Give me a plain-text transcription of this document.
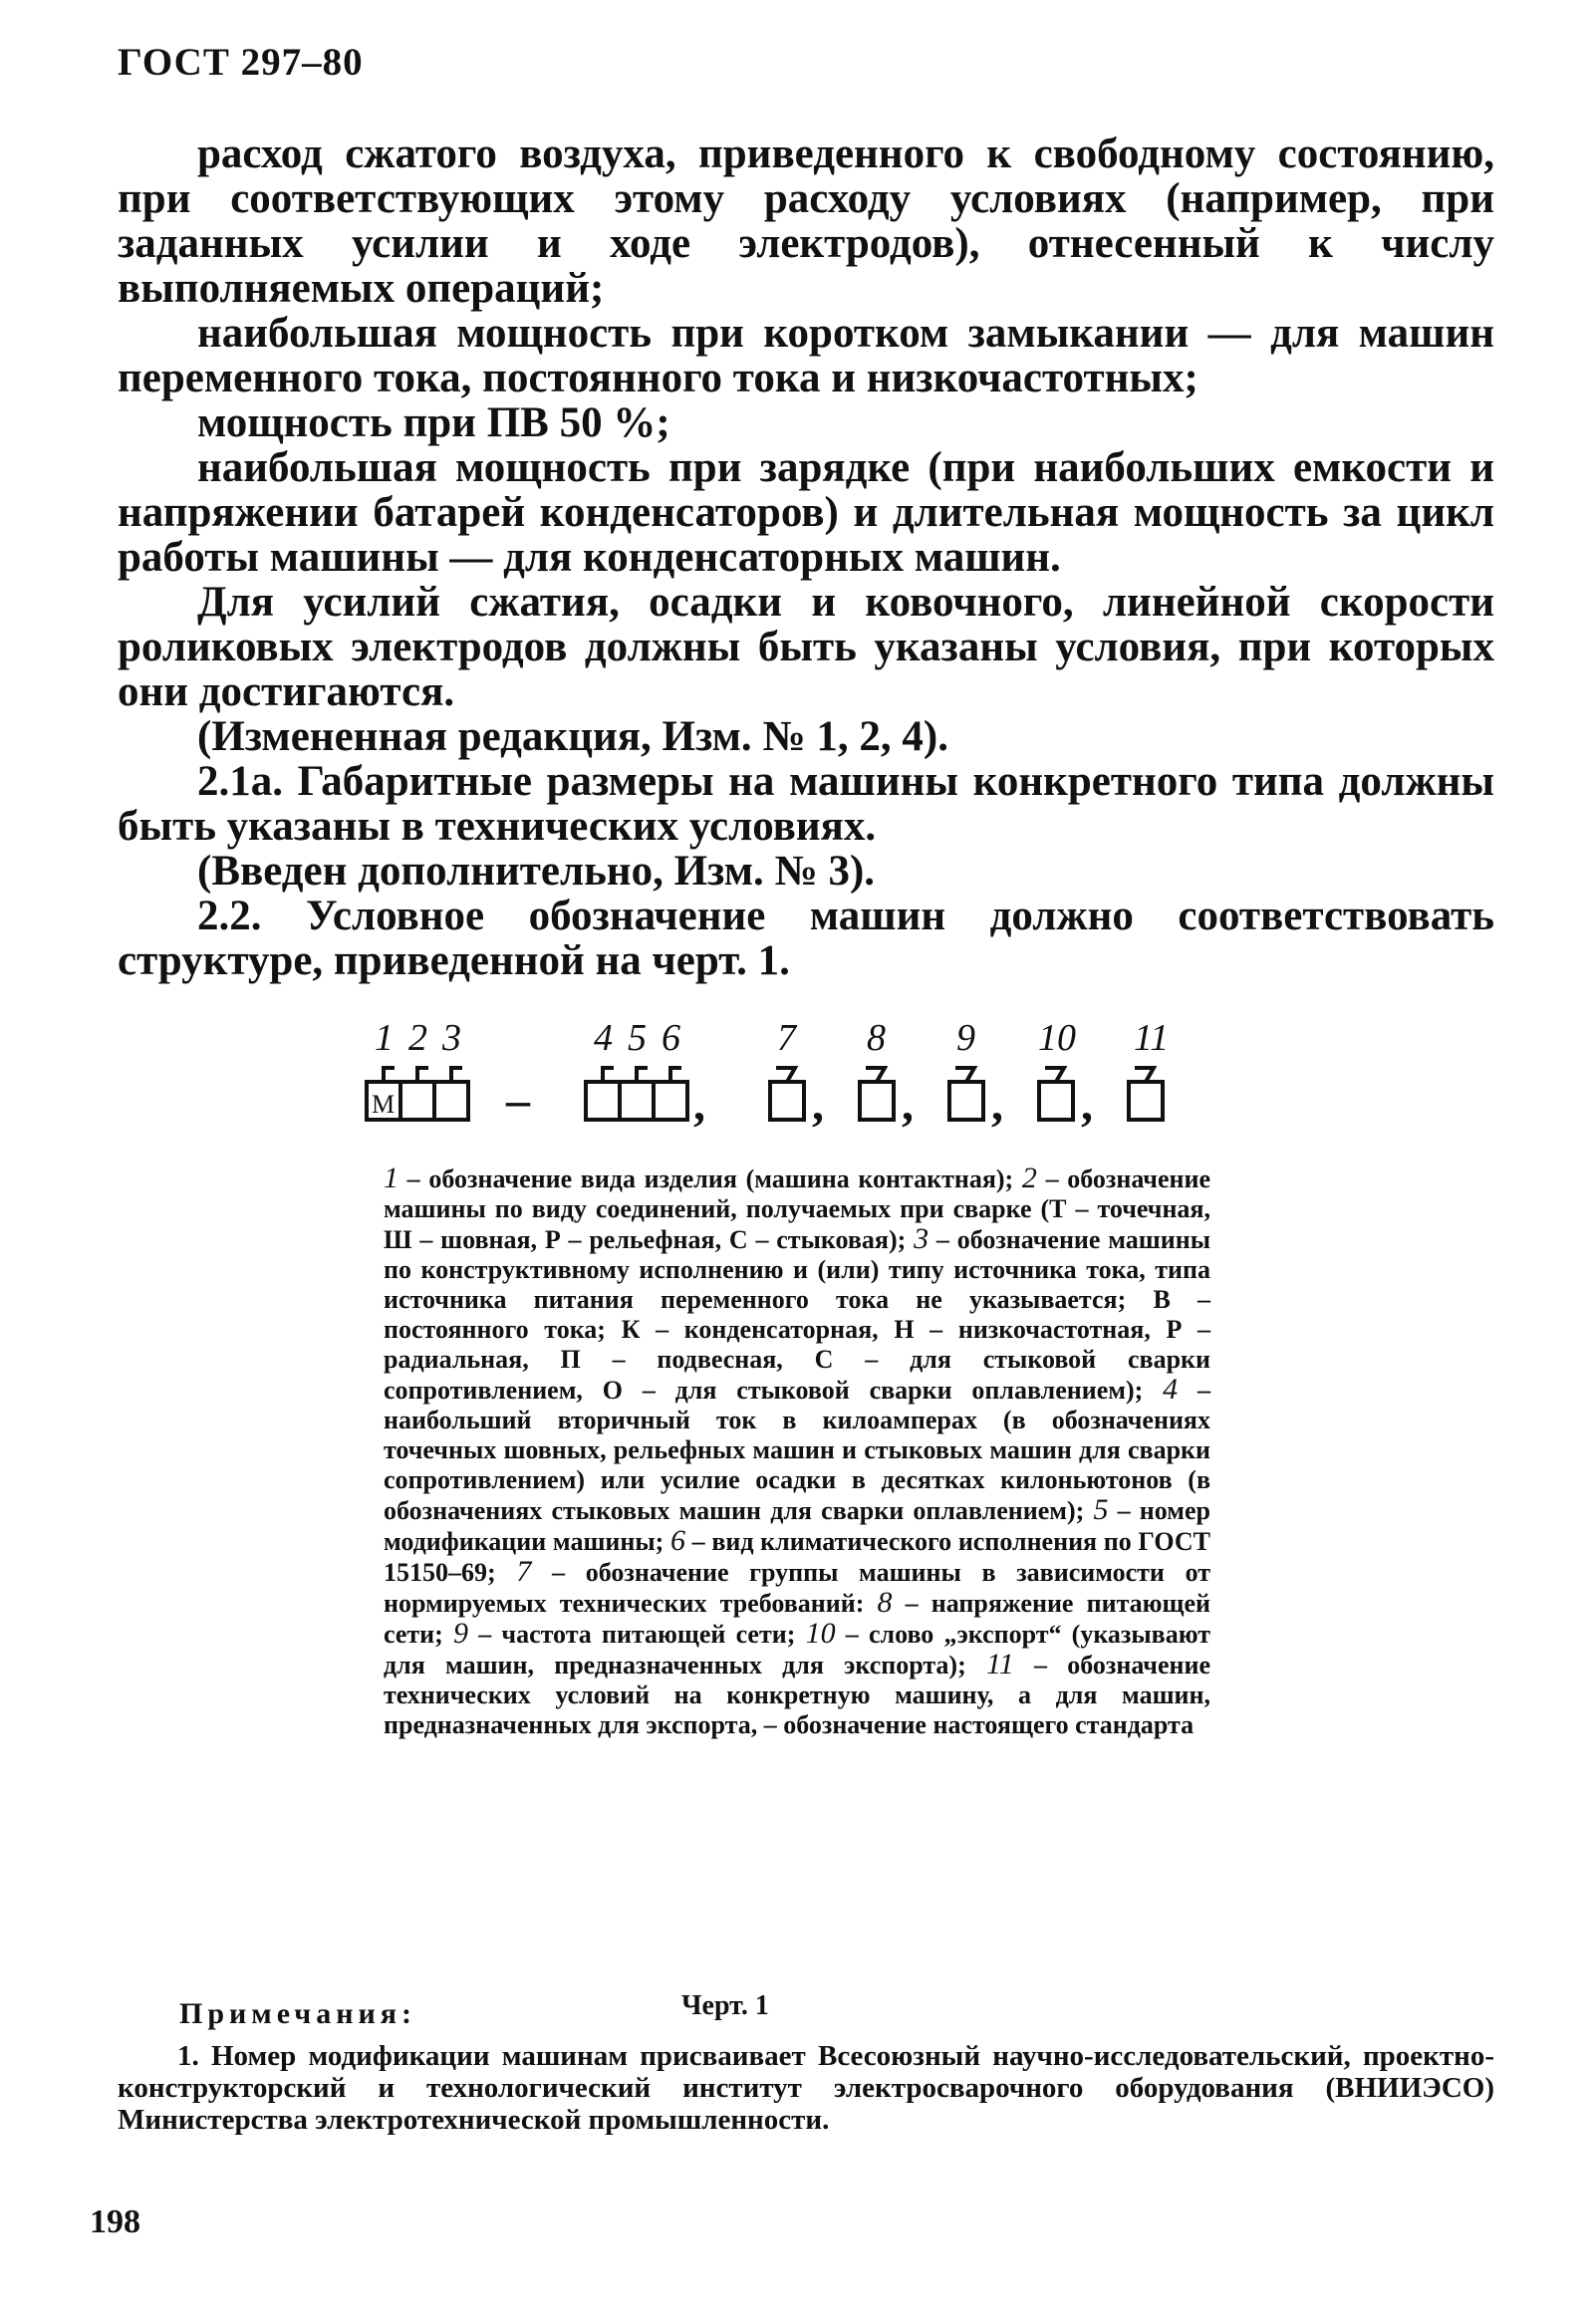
ГОСТ 297–80

расход сжатого воздуха, приведенного к свободному состоянию, при соответствующих этому расходу условиях (например, при заданных усилии и ходе электродов), отнесенный к числу выполняемых операций;

наибольшая мощность при коротком замыкании — для машин переменного тока, постоянного тока и низкочастотных;

мощность при ПВ 50 %;

наибольшая мощность при зарядке (при наибольших емкости и напряжении батарей конденсаторов) и длительная мощность за цикл работы машины — для конденсаторных машин.

Для усилий сжатия, осадки и ковочного, линейной скорости роликовых электродов должны быть указаны условия, при которых они достигаются.

(Измененная редакция, Изм. № 1, 2, 4).

2.1а. Габаритные размеры на машины конкретного типа должны быть указаны в технических условиях.

(Введен дополнительно, Изм. № 3).

2.2. Условное обозначение машин должно соответствовать структуре, приведенной на черт. 1.

М
1 2 3	4 5 6	7 8 9 10 11
–	, , , , ,
1 – обозначение вида изделия (машина контактная); 2 – обозначение машины по виду соединений, получаемых при сварке (Т – точечная, Ш – шовная, Р – рельефная, С – стыковая); 3 – обозначение машины по конструктивному исполнению и (или) типу источника тока, типа источника питания переменного тока не указывается; В – постоянного тока; К – конденсаторная, Н – низкочастотная, Р – радиальная, П – подвесная, С – для стыковой сварки сопротивлением, О – для стыковой сварки оплавлением); 4 – наибольший вторичный ток в килоамперах (в обозначениях точечных шовных, рельефных машин и стыковых машин для сварки сопротивлением) или усилие осадки в десятках килоньютонов (в обозначениях стыковых машин для сварки оплавлением); 5 – номер модификации машины; 6 – вид климатического исполнения по ГОСТ 15150–69; 7 – обозначение группы машины в зависимости от нормируемых технических требований: 8 – напряжение питающей сети; 9 – частота питающей сети; 10 – слово „экспорт“ (указывают для машин, предназначенных для экспорта); 11 – обозначение технических условий на конкретную машину, а для машин, предназначенных для экспорта, – обозначение настоящего стандарта
Примечания:	Черт. 1
1. Номер модификации машинам присваивает Всесоюзный научно-исследовательский, проектно-конструкторский и технологический институт электросварочного оборудования (ВНИИЭСО) Министерства электротехнической промышленности.
198
